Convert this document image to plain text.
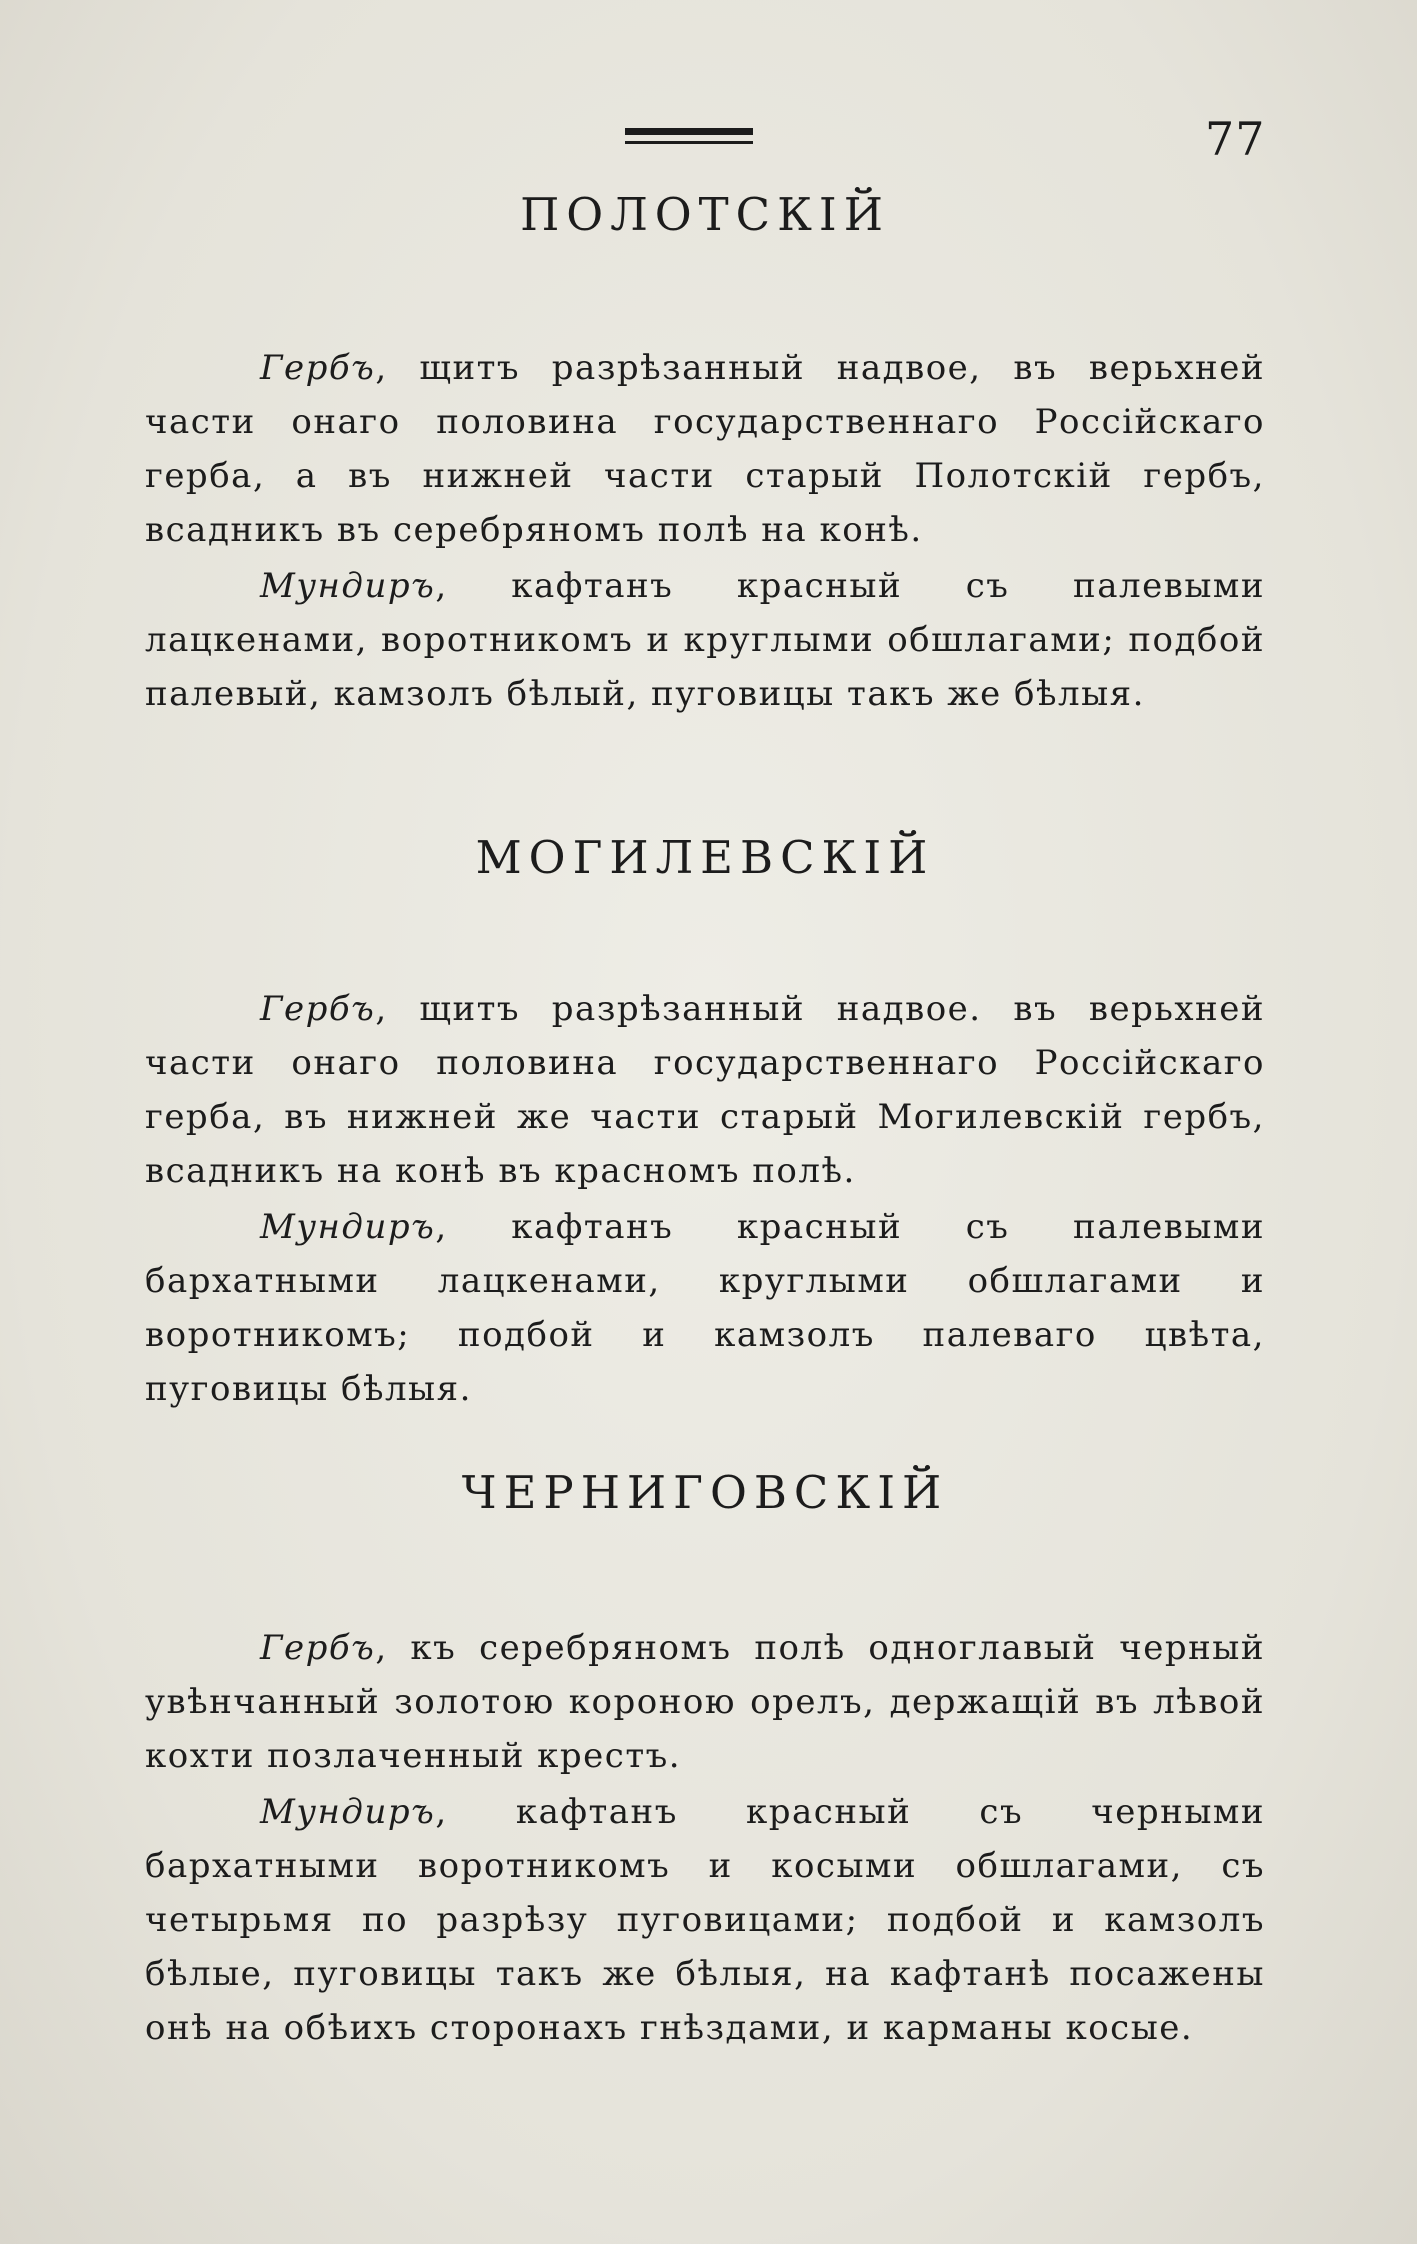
77
ПОЛОТСКІЙ

Гербъ, щитъ разрѣзанный надвое, въ верьхней части онаго половина государственнаго Россійскаго герба, а въ нижней части старый Полотскій гербъ, всадникъ въ серебряномъ полѣ на конѣ.

Мундиръ, кафтанъ красный съ палевыми лацкенами, воротникомъ и круглыми обшлагами; подбой палевый, камзолъ бѣлый, пуговицы такъ же бѣлыя.

МОГИЛЕВСКІЙ

Гербъ, щитъ разрѣзанный надвое. въ верьхней части онаго половина государственнаго Россійскаго герба, въ нижней же части старый Могилевскій гербъ, всадникъ на конѣ въ красномъ полѣ.

Мундиръ, кафтанъ красный съ палевыми бархатными лацкенами, круглыми обшлагами и воротникомъ; подбой и камзолъ палеваго цвѣта, пуговицы бѣлыя.

ЧЕРНИГОВСКІЙ

Гербъ, къ серебряномъ полѣ одноглавый черный увѣнчанный золотою короною орелъ, держащій въ лѣвой кохти позлаченный крестъ.

Мундиръ, кафтанъ красный съ черными бархатными воротникомъ и косыми обшлагами, съ четырьмя по разрѣзу пуговицами; подбой и камзолъ бѣлые, пуговицы такъ же бѣлыя, на кафтанѣ посажены онѣ на обѣихъ сторонахъ гнѣздами, и карманы косые.
